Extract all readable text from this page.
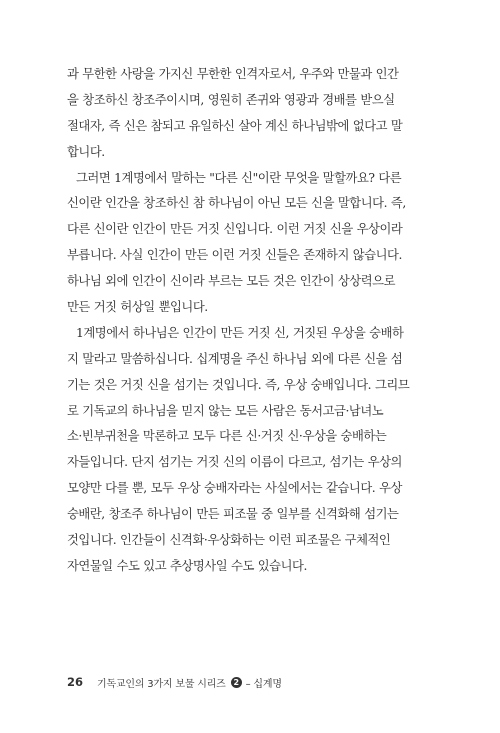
과 무한한 사랑을 가지신 무한한 인격자로서, 우주와 만물과 인간
을 창조하신 창조주이시며, 영원히 존귀와 영광과 경배를 받으실
절대자, 즉 신은 참되고 유일하신 살아 계신 하나님밖에 없다고 말
합니다.
그러면 1계명에서 말하는 "다른 신"이란 무엇을 말할까요? 다른
신이란 인간을 창조하신 참 하나님이 아닌 모든 신을 말합니다. 즉,
다른 신이란 인간이 만든 거짓 신입니다. 이런 거짓 신을 우상이라
부릅니다. 사실 인간이 만든 이런 거짓 신들은 존재하지 않습니다.
하나님 외에 인간이 신이라 부르는 모든 것은 인간이 상상력으로
만든 거짓 허상일 뿐입니다.
1계명에서 하나님은 인간이 만든 거짓 신, 거짓된 우상을 숭배하
지 말라고 말씀하십니다. 십계명을 주신 하나님 외에 다른 신을 섬
기는 것은 거짓 신을 섬기는 것입니다. 즉, 우상 숭배입니다. 그리므
로 기독교의 하나님을 믿지 않는 모든 사람은 동서고금·남녀노
소·빈부귀천을 막론하고 모두 다른 신·거짓 신·우상을 숭배하는
자들입니다. 단지 섬기는 거짓 신의 이름이 다르고, 섬기는 우상의
모양만 다를 뿐, 모두 우상 숭배자라는 사실에서는 같습니다. 우상
숭배란, 창조주 하나님이 만든 피조물 중 일부를 신격화해 섬기는
것입니다. 인간들이 신격화·우상화하는 이런 피조물은 구체적인
자연물일 수도 있고 추상명사일 수도 있습니다.
26 기독교인의 3가지 보물 시리즈 2 – 십계명
